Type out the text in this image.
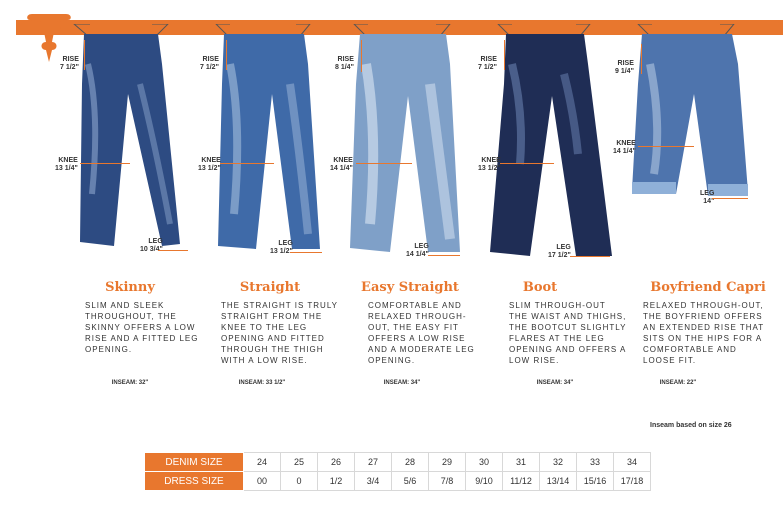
RISE
7 1/2"
KNEE
13 1/4"
LEG
10 3/4"
Skinny
SLIM AND SLEEK THROUGHOUT, THE SKINNY OFFERS A LOW RISE AND A FITTED LEG OPENING.
INSEAM: 32"
RISE
7 1/2"
KNEE
13 1/2"
LEG
13 1/2"
Straight
THE STRAIGHT IS TRULY STRAIGHT FROM THE KNEE TO THE LEG OPENING AND FITTED THROUGH THE THIGH WITH A LOW RISE.
INSEAM: 33 1/2"
RISE
8 1/4"
KNEE
14 1/4"
LEG
14 1/4"
Easy Straight
COMFORTABLE AND RELAXED THROUGH-OUT, THE EASY FIT OFFERS A LOW RISE AND A MODERATE LEG OPENING.
INSEAM: 34"
RISE
7 1/2"
KNEE
13 1/2"
LEG
17 1/2"
Boot
SLIM THROUGH-OUT THE WAIST AND THIGHS, THE BOOTCUT SLIGHTLY FLARES AT THE LEG OPENING AND OFFERS A LOW RISE.
INSEAM: 34"
RISE
9 1/4"
KNEE
14 1/4"
LEG
14"
Boyfriend Capri
RELAXED THROUGH-OUT, THE BOYFRIEND OFFERS AN EXTENDED RISE THAT SITS ON THE HIPS FOR A COMFORTABLE AND LOOSE FIT.
INSEAM: 22"
Inseam based on size 26
DENIM SIZE	24	25	26	27	28	29	30	31	32	33	34
DRESS SIZE	00	0	1/2	3/4	5/6	7/8	9/10	11/12	13/14	15/16	17/18
